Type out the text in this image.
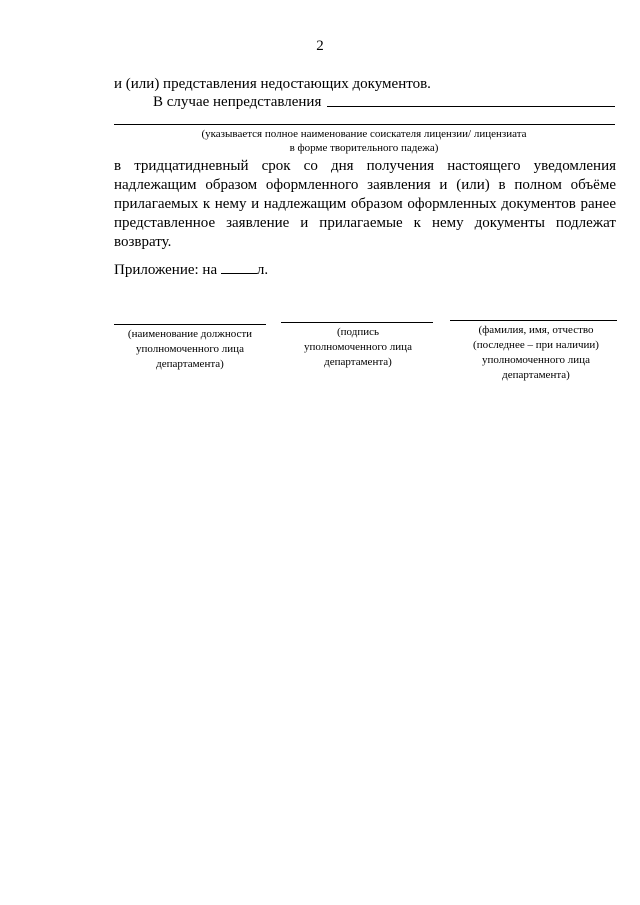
2
и (или) представления недостающих документов.
В случае непредставления
(указывается полное наименование соискателя лицензии/ лицензиата
в форме творительного падежа)
в тридцатидневный срок со дня получения настоящего уведомления надлежащим образом оформленного заявления и (или) в полном объёме прилагаемых к нему и надлежащим образом оформленных документов ранее представленное заявление и прилагаемые к нему документы подлежат возврату.
Приложение: на	л.
(наименование должности
уполномоченного лица
департамента)
(подпись
уполномоченного лица
департамента)
(фамилия, имя, отчество
(последнее – при наличии)
уполномоченного лица
департамента)
